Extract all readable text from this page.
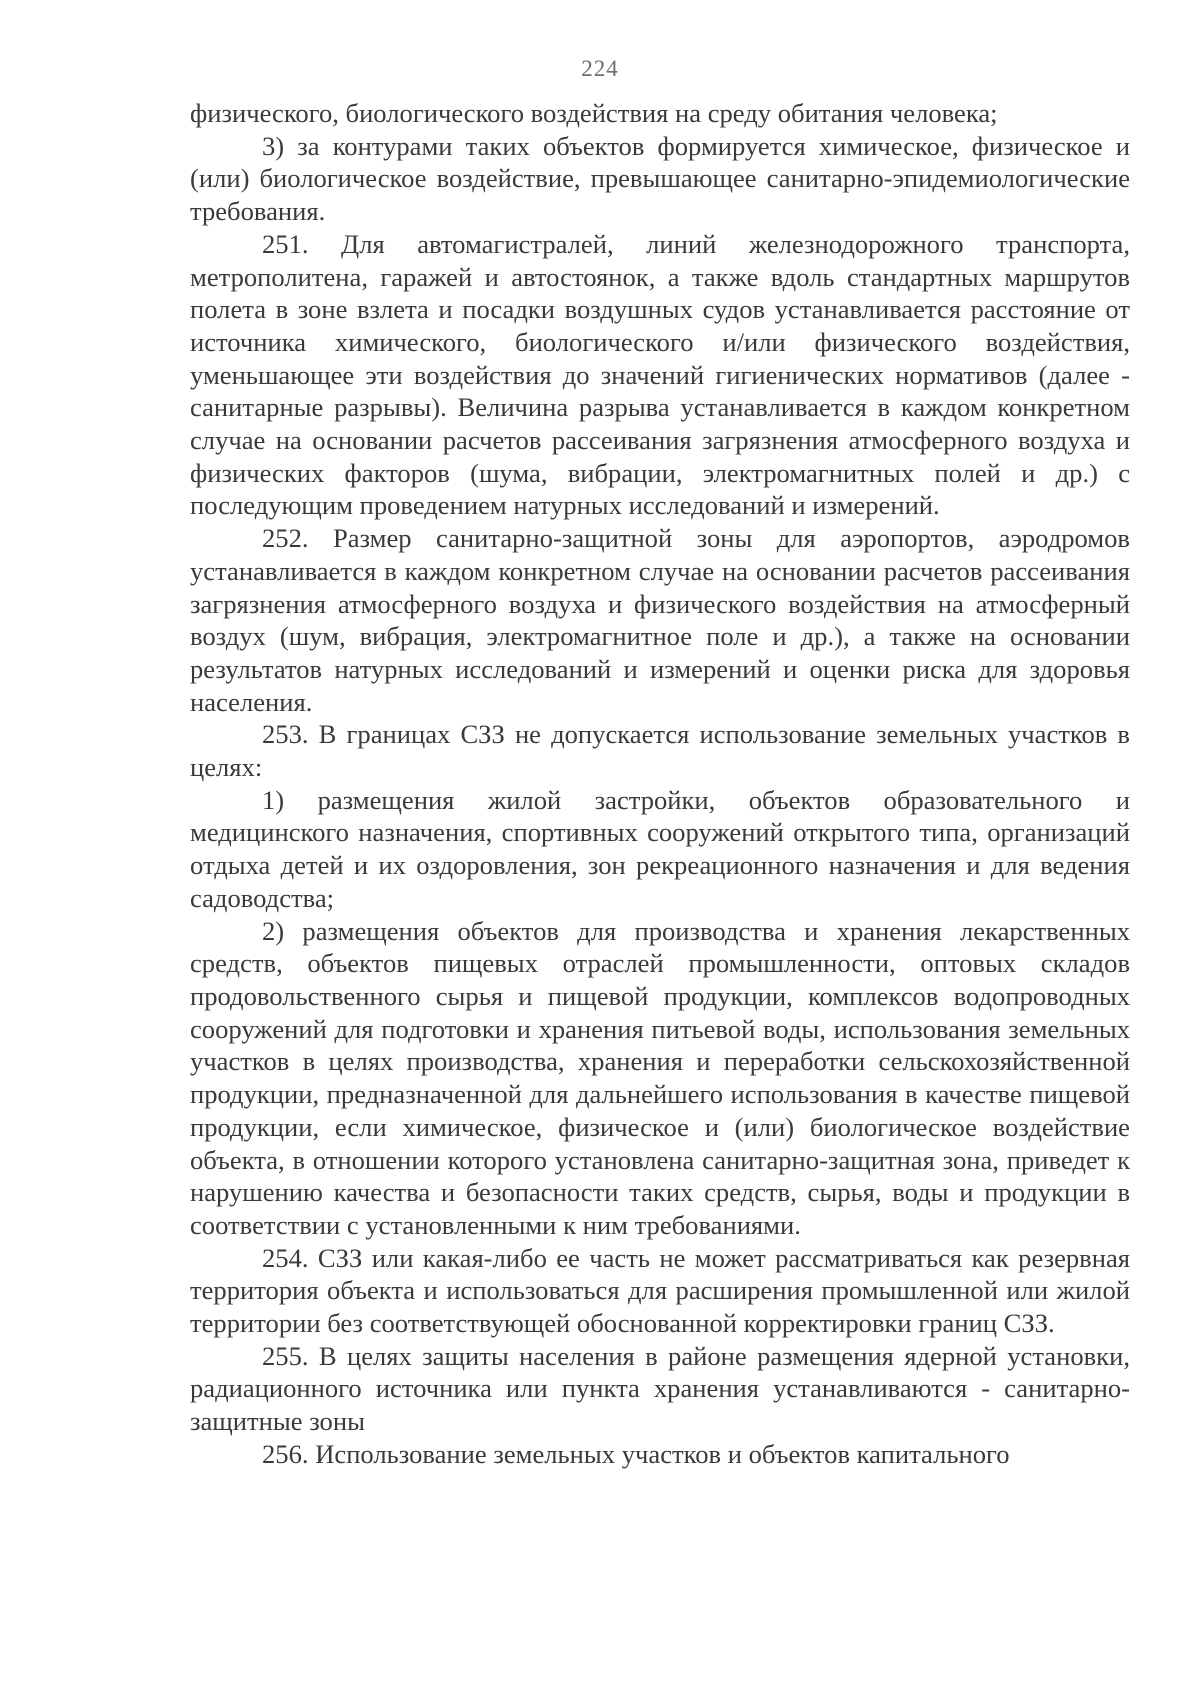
224

физического, биологического воздействия на среду обитания человека;

3) за контурами таких объектов формируется химическое, физическое и (или) биологическое воздействие, превышающее санитарно-эпидемиологические требования.

251. Для автомагистралей, линий железнодорожного транспорта, метрополитена, гаражей и автостоянок, а также вдоль стандартных маршрутов полета в зоне взлета и посадки воздушных судов устанавливается расстояние от источника химического, биологического и/или физического воздействия, уменьшающее эти воздействия до значений гигиенических нормативов (далее - санитарные разрывы). Величина разрыва устанавливается в каждом конкретном случае на основании расчетов рассеивания загрязнения атмосферного воздуха и физических факторов (шума, вибрации, электромагнитных полей и др.) с последующим проведением натурных исследований и измерений.

252. Размер санитарно-защитной зоны для аэропортов, аэродромов устанавливается в каждом конкретном случае на основании расчетов рассеивания загрязнения атмосферного воздуха и физического воздействия на атмосферный воздух (шум, вибрация, электромагнитное поле и др.), а также на основании результатов натурных исследований и измерений и оценки риска для здоровья населения.

253. В границах СЗЗ не допускается использование земельных участков в целях:

1) размещения жилой застройки, объектов образовательного и медицинского назначения, спортивных сооружений открытого типа, организаций отдыха детей и их оздоровления, зон рекреационного назначения и для ведения садоводства;

2) размещения объектов для производства и хранения лекарственных средств, объектов пищевых отраслей промышленности, оптовых складов продовольственного сырья и пищевой продукции, комплексов водопроводных сооружений для подготовки и хранения питьевой воды, использования земельных участков в целях производства, хранения и переработки сельскохозяйственной продукции, предназначенной для дальнейшего использования в качестве пищевой продукции, если химическое, физическое и (или) биологическое воздействие объекта, в отношении которого установлена санитарно-защитная зона, приведет к нарушению качества и безопасности таких средств, сырья, воды и продукции в соответствии с установленными к ним требованиями.

254. СЗЗ или какая-либо ее часть не может рассматриваться как резервная территория объекта и использоваться для расширения промышленной или жилой территории без соответствующей обоснованной корректировки границ СЗЗ.

255. В целях защиты населения в районе размещения ядерной установки, радиационного источника или пункта хранения устанавливаются - санитарно-защитные зоны

256. Использование земельных участков и объектов капитального
